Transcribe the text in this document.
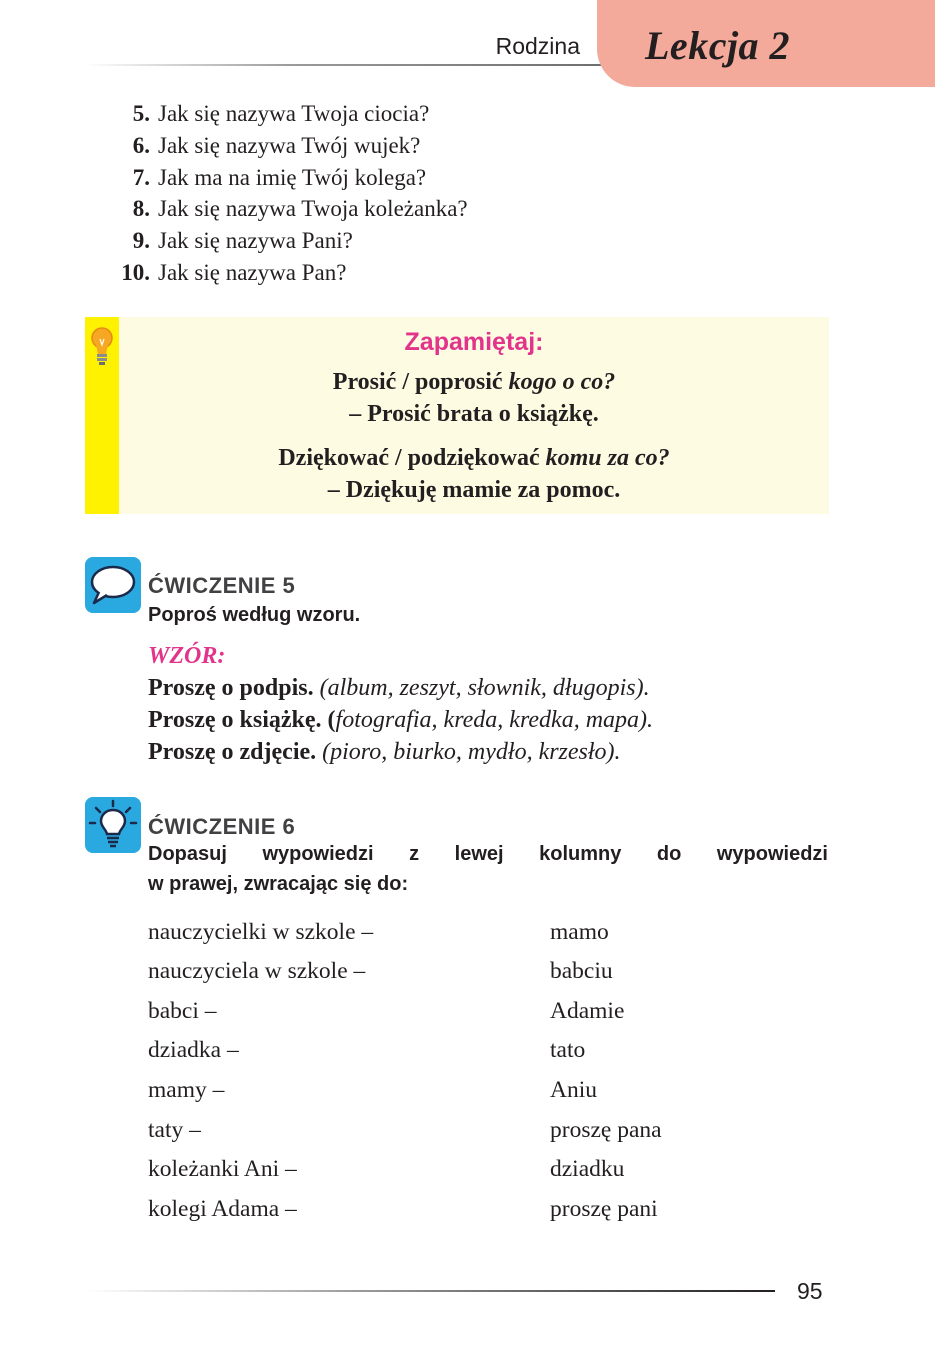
Rodzina Lekcja 2
5. Jak się nazywa Twoja ciocia?
6. Jak się nazywa Twój wujek?
7. Jak ma na imię Twój kolega?
8. Jak się nazywa Twoja koleżanka?
9. Jak się nazywa Pani?
10. Jak się nazywa Pan?
Zapamiętaj:
Prosić / poprosić kogo o co?
– Prosić brata o książkę.
Dziękować / podziękować komu za co?
– Dziękuję mamie za pomoc.
ĆWICZENIE 5
Poproś według wzoru.
WZÓR:
Proszę o podpis. (album, zeszyt, słownik, długopis).
Proszę o książkę. (fotografia, kreda, kredka, mapa).
Proszę o zdjęcie. (pioro, biurko, mydło, krzesło).
ĆWICZENIE 6
Dopasuj wypowiedzi z lewej kolumny do wypowiedzi
w prawej, zwracając się do:
nauczycielki w szkole –	mamo
nauczyciela w szkole –	babciu
babci –	Adamie
dziadka –	tato
mamy –	Aniu
taty –	proszę pana
koleżanki Ani –	dziadku
kolegi Adama –	proszę pani
95
